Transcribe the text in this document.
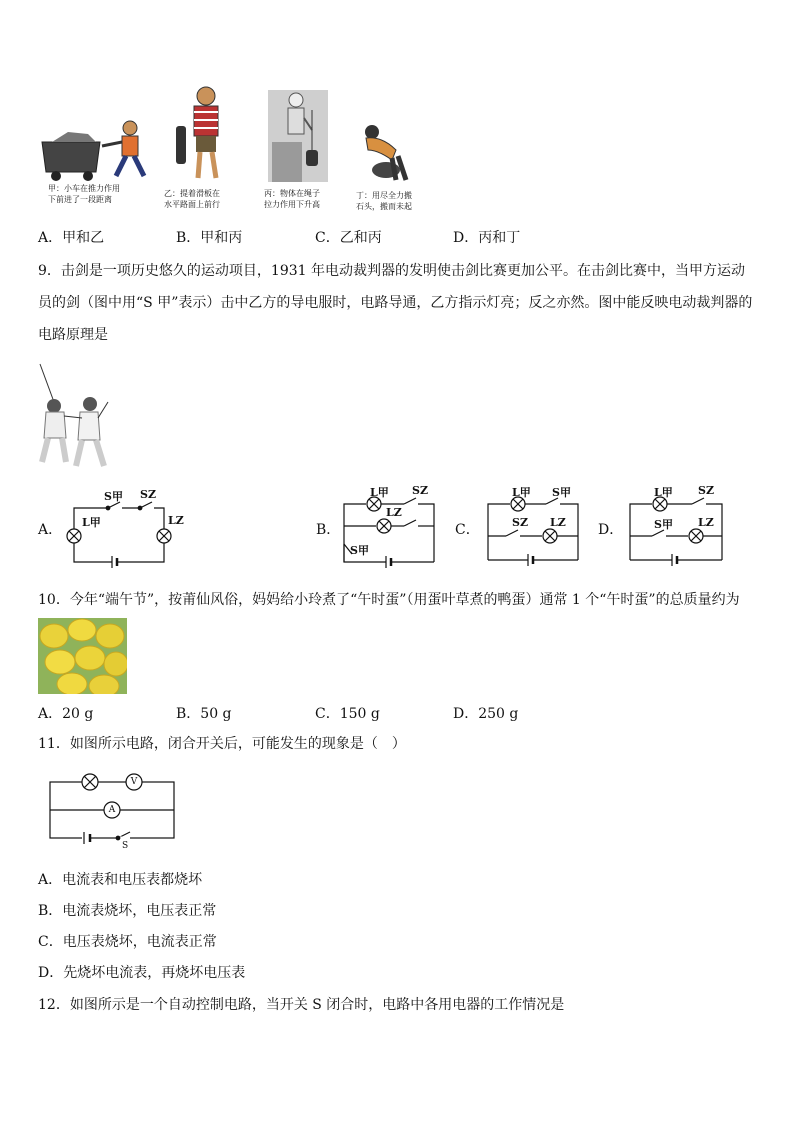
甲：小车在推力作用
下前进了一段距离
乙：提着滑板在
水平路面上前行
丙：物体在绳子
拉力作用下升高
丁：用尽全力搬
石头，搬而未起
A．甲和乙	B．甲和丙	C．乙和丙	D．丙和丁
9．击剑是一项历史悠久的运动项目，1931 年电动裁判器的发明使击剑比赛更加公平。在击剑比赛中，当甲方运动员的剑（图中用“S 甲”表示）击中乙方的导电服时，电路导通，乙方指示灯亮；反之亦然。图中能反映电动裁判器的电路原理是
A．	B．	C．	D．
S甲 SZ
L甲	LZ
L甲 SZ
LZ
S甲
L甲 S甲
SZ LZ
L甲 SZ
S甲 LZ
10．今年“端午节”，按莆仙风俗，妈妈给小玲煮了“午时蛋”（用蛋叶草煮的鸭蛋）通常 1 个“午时蛋”的总质量约为
A．20 g	B．50 g	C．150 g	D．250 g
11．如图所示电路，闭合开关后，可能发生的现象是（　）
V
A
S
A．电流表和电压表都烧坏
B．电流表烧坏，电压表正常
C．电压表烧坏，电流表正常
D．先烧坏电流表，再烧坏电压表
12．如图所示是一个自动控制电路，当开关 S 闭合时，电路中各用电器的工作情况是
